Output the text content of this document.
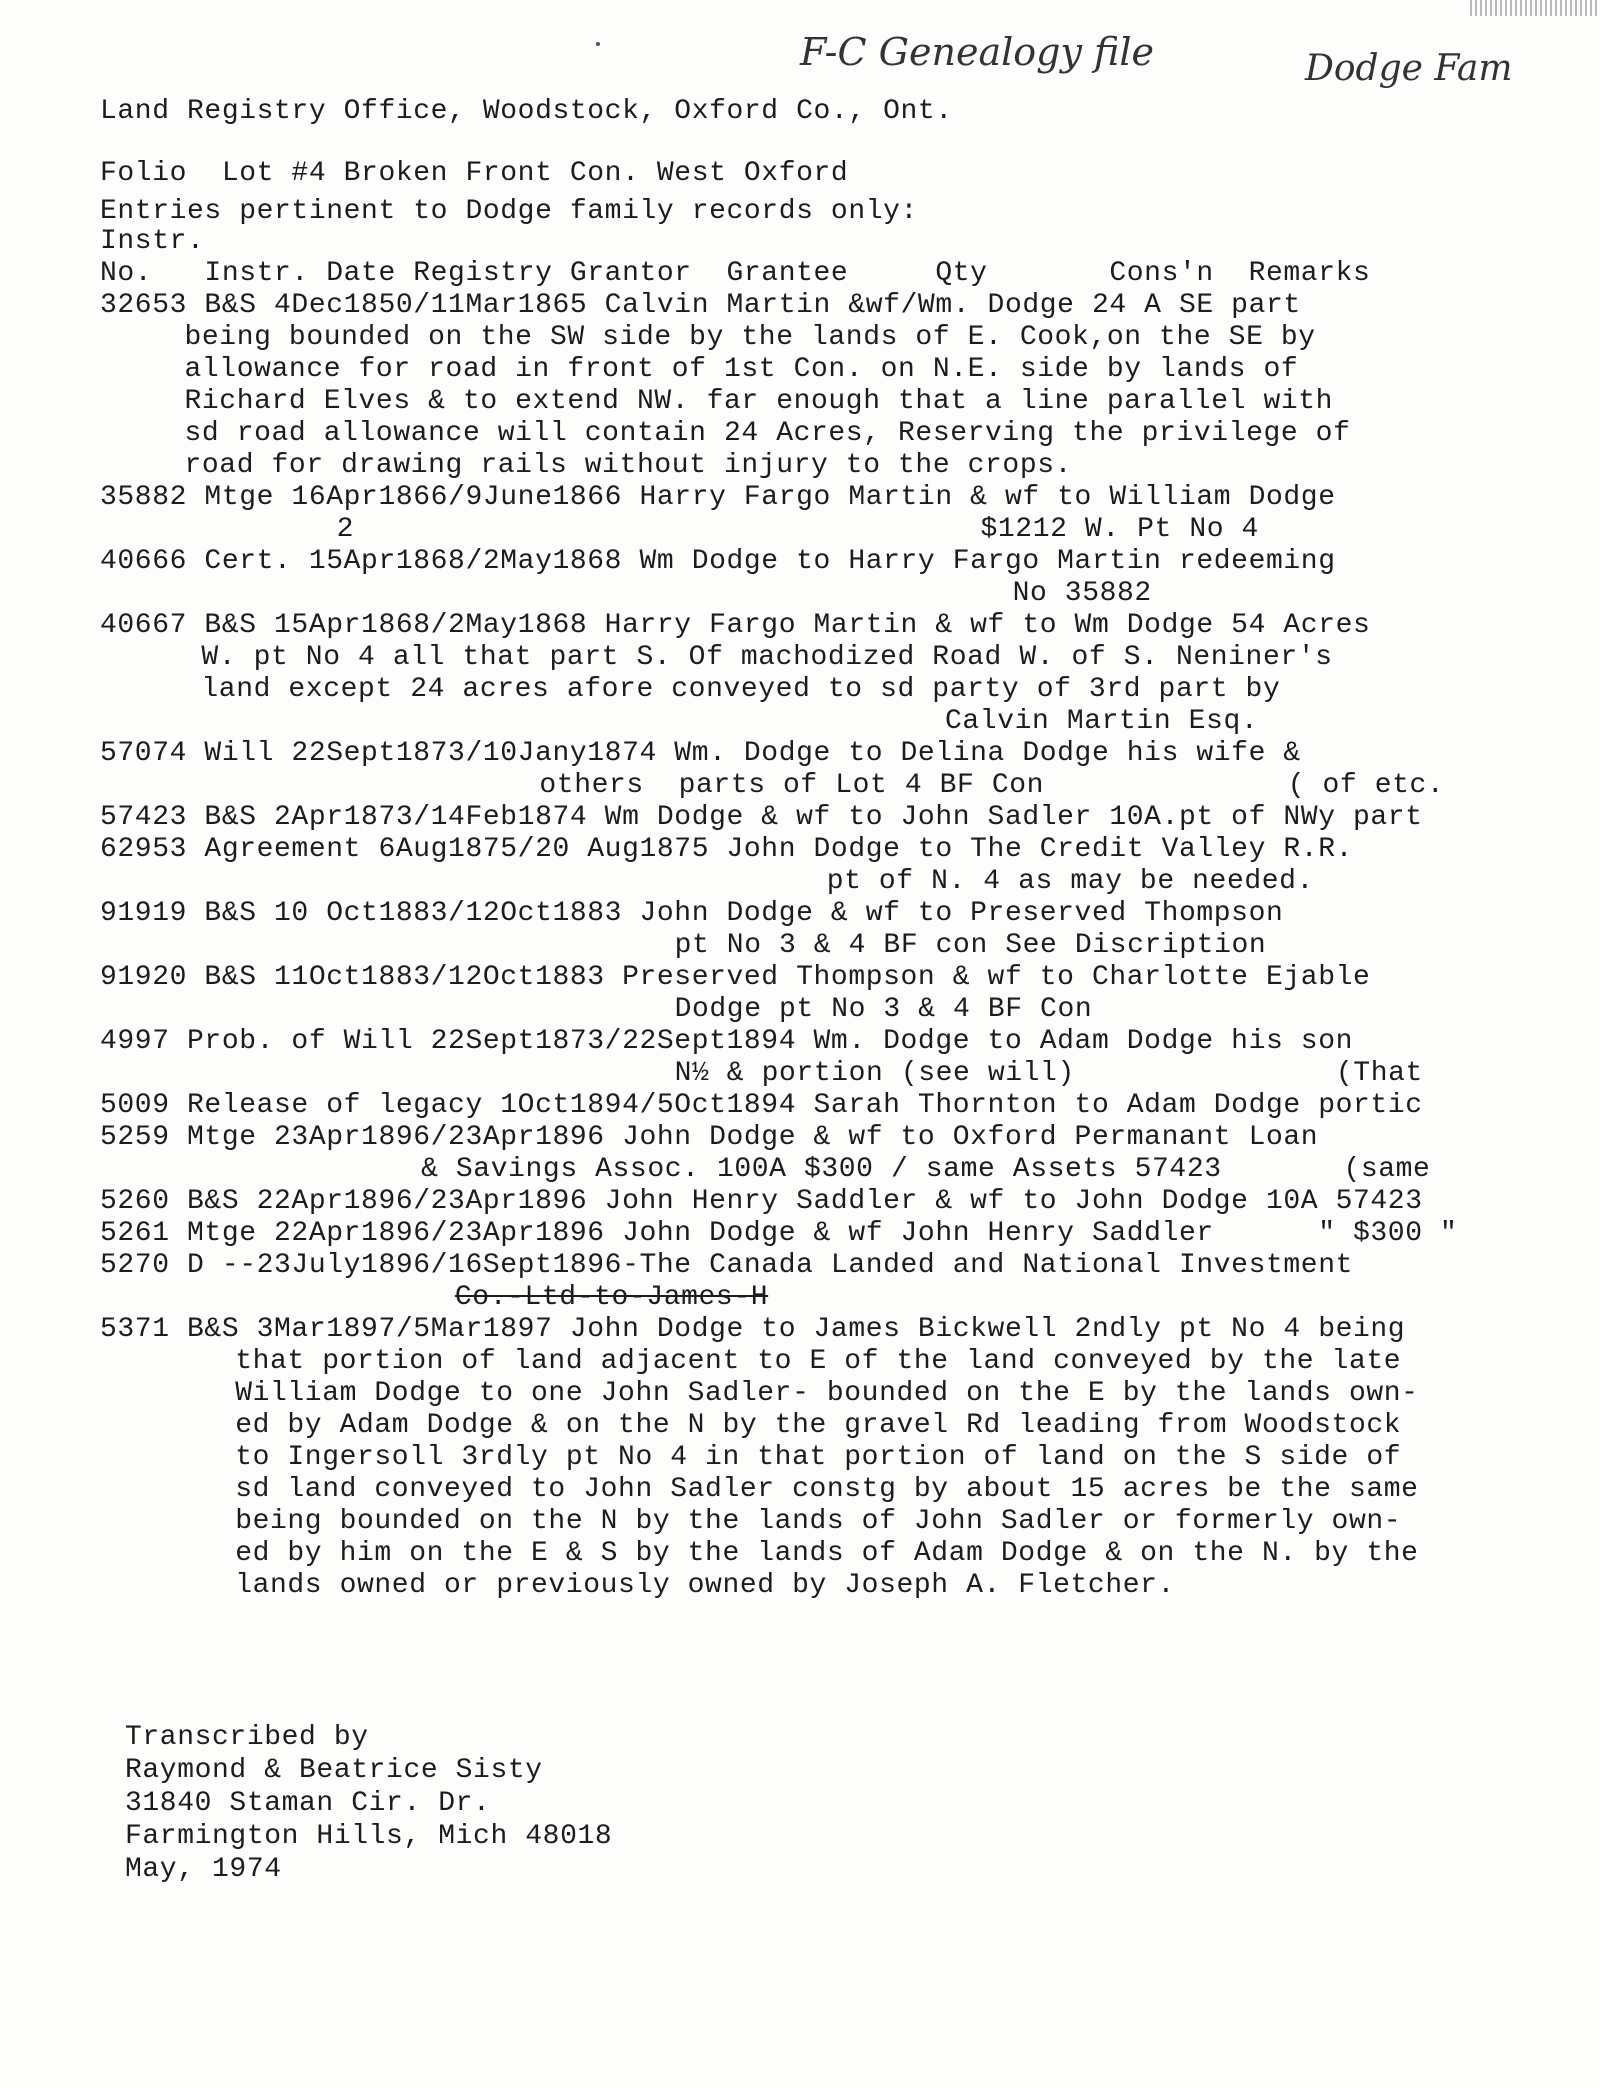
F-C Genealogy file	Dodge Fam
Land Registry Office, Woodstock, Oxford Co., Ont.
Folio  Lot #4 Broken Front Con. West Oxford
Entries pertinent to Dodge family records only:
Instr.
No.   Instr. Date Registry Grantor  Grantee     Qty       Cons'n  Remarks
32653 B&S 4Dec1850/11Mar1865 Calvin Martin &wf/Wm. Dodge 24 A SE part
being bounded on the SW side by the lands of E. Cook,on the SE by
allowance for road in front of 1st Con. on N.E. side by lands of
Richard Elves & to extend NW. far enough that a line parallel with
sd road allowance will contain 24 Acres, Reserving the privilege of
road for drawing rails without injury to the crops.
35882 Mtge 16Apr1866/9June1866 Harry Fargo Martin & wf to William Dodge
2                                    $1212 W. Pt No 4
40666 Cert. 15Apr1868/2May1868 Wm Dodge to Harry Fargo Martin redeeming
No 35882
40667 B&S 15Apr1868/2May1868 Harry Fargo Martin & wf to Wm Dodge 54 Acres
W. pt No 4 all that part S. Of machodized Road W. of S. Neniner's
land except 24 acres afore conveyed to sd party of 3rd part by
Calvin Martin Esq.
57074 Will 22Sept1873/10Jany1874 Wm. Dodge to Delina Dodge his wife &
others  parts of Lot 4 BF Con              ( of etc.
57423 B&S 2Apr1873/14Feb1874 Wm Dodge & wf to John Sadler 10A.pt of NWy part
62953 Agreement 6Aug1875/20 Aug1875 John Dodge to The Credit Valley R.R.
pt of N. 4 as may be needed.
91919 B&S 10 Oct1883/12Oct1883 John Dodge & wf to Preserved Thompson
pt No 3 & 4 BF con See Discription
91920 B&S 11Oct1883/12Oct1883 Preserved Thompson & wf to Charlotte Ejable
Dodge pt No 3 & 4 BF Con
4997 Prob. of Will 22Sept1873/22Sept1894 Wm. Dodge to Adam Dodge his son
N½ & portion (see will)               (That
5009 Release of legacy 1Oct1894/5Oct1894 Sarah Thornton to Adam Dodge portic
5259 Mtge 23Apr1896/23Apr1896 John Dodge & wf to Oxford Permanant Loan
& Savings Assoc. 100A $300 / same Assets 57423       (same
5260 B&S 22Apr1896/23Apr1896 John Henry Saddler & wf to John Dodge 10A 57423
5261 Mtge 22Apr1896/23Apr1896 John Dodge & wf John Henry Saddler      " $300 "
5270 D --23July1896/16Sept1896-The Canada Landed and National Investment
Co.-Ltd-to-James-H
5371 B&S 3Mar1897/5Mar1897 John Dodge to James Bickwell 2ndly pt No 4 being
that portion of land adjacent to E of the land conveyed by the late
William Dodge to one John Sadler- bounded on the E by the lands own-
ed by Adam Dodge & on the N by the gravel Rd leading from Woodstock
to Ingersoll 3rdly pt No 4 in that portion of land on the S side of
sd land conveyed to John Sadler constg by about 15 acres be the same
being bounded on the N by the lands of John Sadler or formerly own-
ed by him on the E & S by the lands of Adam Dodge & on the N. by the
lands owned or previously owned by Joseph A. Fletcher.
Transcribed by
Raymond & Beatrice Sisty
31840 Staman Cir. Dr.
Farmington Hills, Mich 48018
May, 1974
